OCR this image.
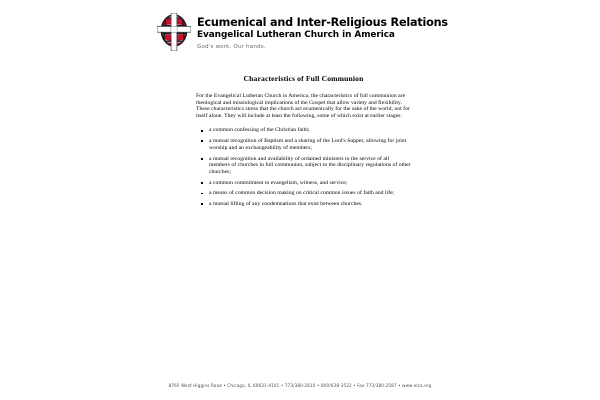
Ecumenical and Inter-Religious Relations
Evangelical Lutheran Church in America
God's work. Our hands.
Characteristics of Full Communion

For the Evangelical Lutheran Church in America, the characteristics of full communion are theological and missiological implications of the Gospel that allow variety and flexibility. These characteristics stress that the church act ecumenically for the sake of the world, not for itself alone. They will include at least the following, some of which exist at earlier stages:

a common confessing of the Christian faith;
a mutual recognition of Baptism and a sharing of the Lord's Supper, allowing for joint worship and an exchangeability of members;
a mutual recognition and availability of ordained ministers to the service of all members of churches in full communion, subject to the disciplinary regulations of other churches;
a common commitment to evangelism, witness, and service;
a means of common decision making on critical common issues of faith and life;
a mutual lifting of any condemnations that exist between churches.
8765 West Higgins Road • Chicago, IL 60631-4101 • 773/380-2610 • 800/638-3522 • Fax 773/380-2587 • www.elca.org
